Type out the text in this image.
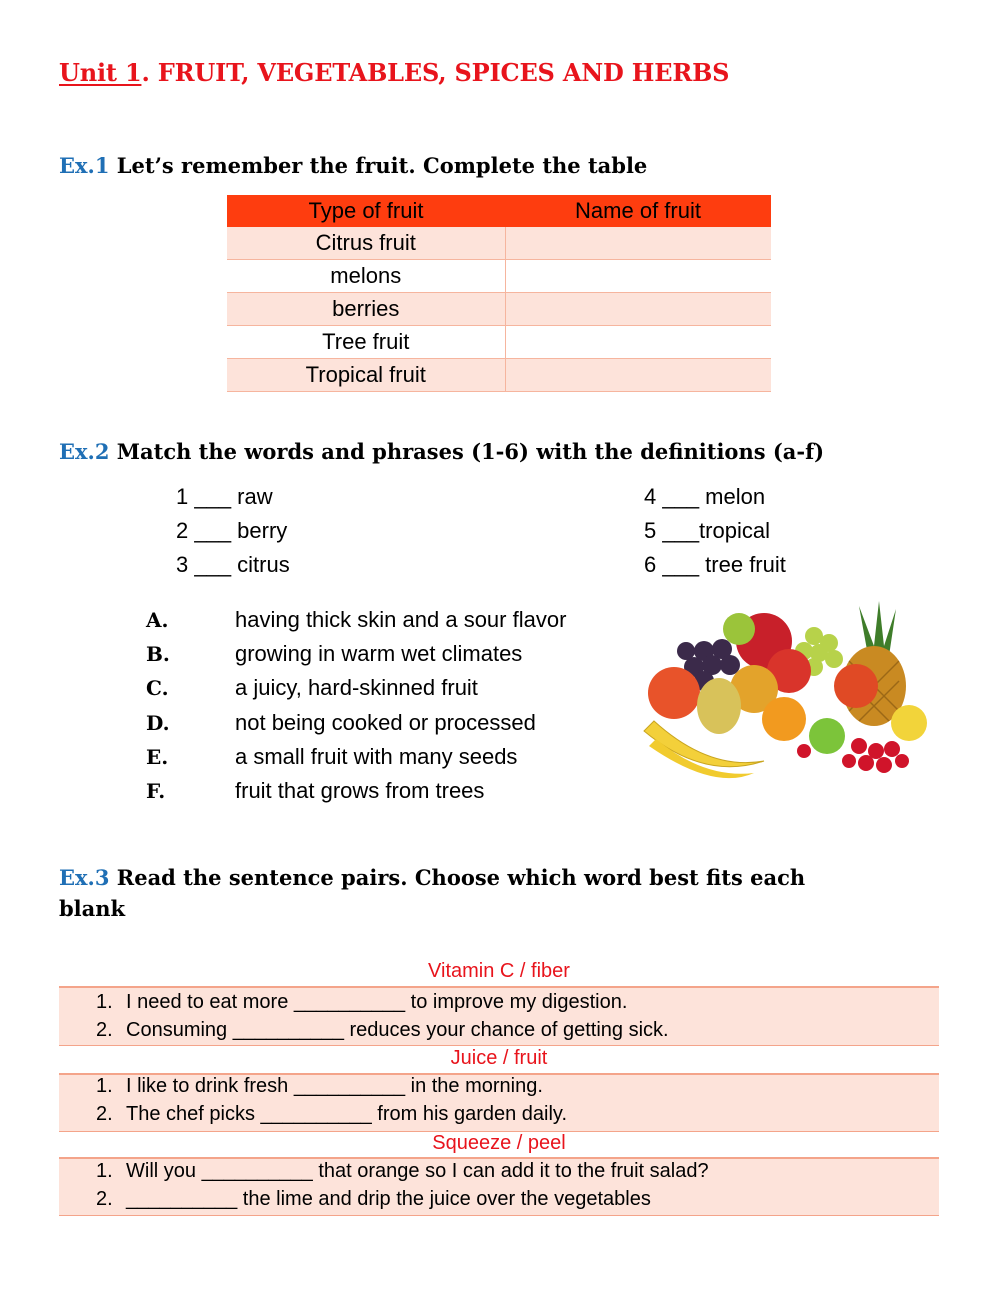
Unit 1. FRUIT, VEGETABLES, SPICES AND HERBS
Ex.1 Let’s remember the fruit. Complete the table
Type of fruit	Name of fruit
Citrus fruit	
melons	
berries	
Tree fruit	
Tropical fruit	
Ex.2 Match the words and phrases (1-6) with the definitions (a-f)
1 ___ raw
2 ___ berry
3 ___ citrus
4 ___ melon
5 ___tropical
6 ___ tree fruit
A.	having thick skin and a sour flavor
B.	growing in warm wet climates
C.	a juicy, hard-skinned fruit
D.	not being cooked or processed
E.	a small fruit with many seeds
F.	fruit that grows from trees
Ex.3 Read the sentence pairs. Choose which word best fits each
blank
Vitamin C / fiber
1. I need to eat more __________ to improve my digestion.
2. Consuming __________ reduces your chance of getting sick.
Juice / fruit
1. I like to drink fresh __________ in the morning.
2. The chef picks __________ from his garden daily.
Squeeze / peel
1. Will you __________ that orange so I can add it to the fruit salad?
2. __________ the lime and drip the juice over the vegetables
